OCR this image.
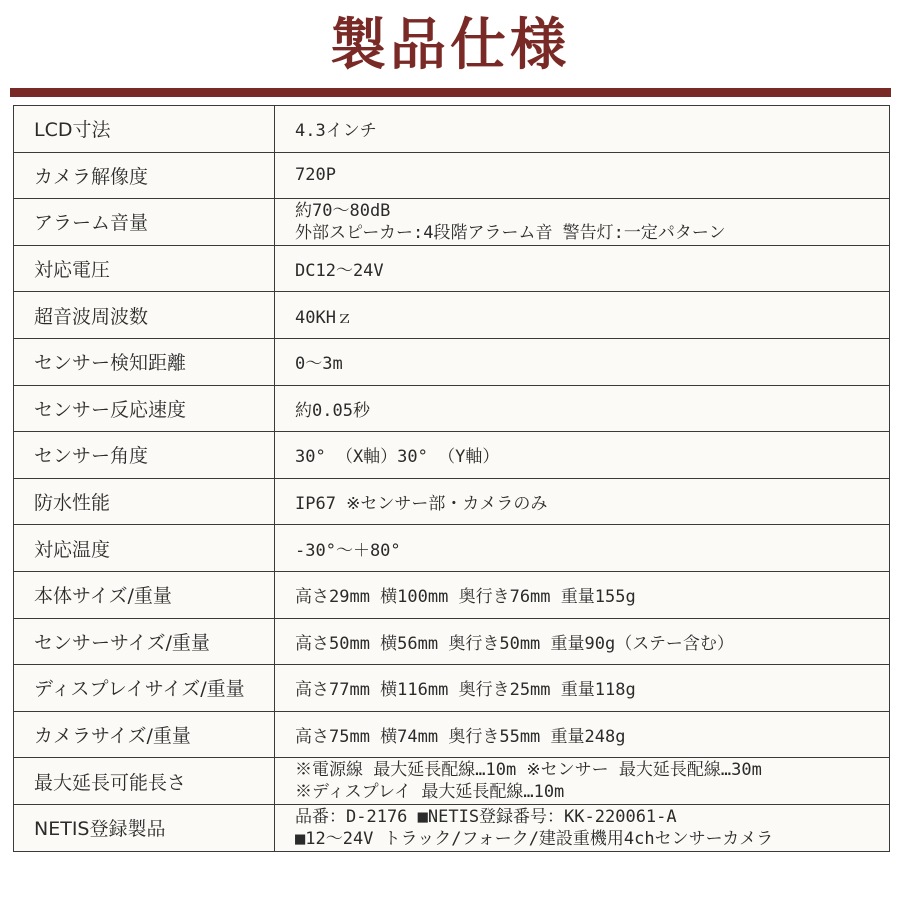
製品仕様
LCD寸法	4.3インチ

カメラ解像度	720P

アラーム音量	約70～80dB
外部スピーカー:4段階アラーム音 警告灯:一定パターン

対応電圧	DC12～24V

超音波周波数	40KHｚ

センサー検知距離	0～3m

センサー反応速度	約0.05秒

センサー角度	30° （X軸）30° （Y軸）

防水性能	IP67 ※センサー部・カメラのみ

対応温度	-30°～＋80°

本体サイズ/重量	高さ29mm 横100mm 奥行き76mm 重量155g

センサーサイズ/重量	高さ50mm 横56mm 奥行き50mm 重量90g（ステー含む）

ディスプレイサイズ/重量	高さ77mm 横116mm 奥行き25mm 重量118g

カメラサイズ/重量	高さ75mm 横74mm 奥行き55mm 重量248g

最大延長可能長さ	※電源線 最大延長配線…10m ※センサー 最大延長配線…30m
※ディスプレイ 最大延長配線…10m

NETIS登録製品	品番：D-2176 ■NETIS登録番号：KK-220061-A
■12～24V トラック/フォーク/建設重機用4chセンサーカメラ
